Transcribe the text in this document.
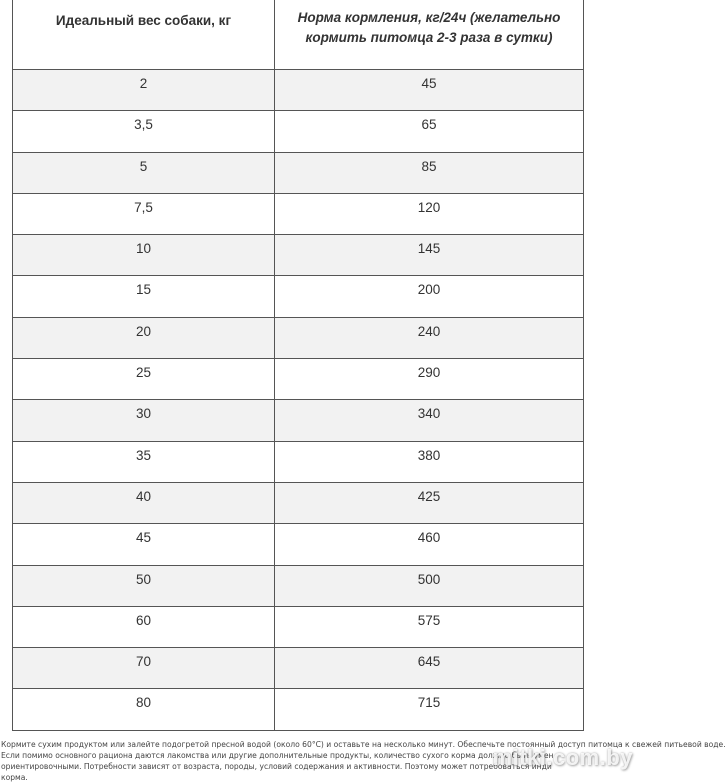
Идеальный вес собаки, кг	Норма кормления, кг/24ч (желательно кормить питомца 2-3 раза в сутки)
2	45
3,5	65
5	85
7,5	120
10	145
15	200
20	240
25	290
30	340
35	380
40	425
45	460
50	500
60	575
70	645
80	715

Кормите сухим продуктом или залейте подогретой пресной водой (около 60°С) и оставьте на несколько минут. Обеспечьте постоянный доступ питомца к свежей питьевой воде.

Если помимо основного рациона даются лакомства или другие дополнительные продукты, количество сухого корма должно быть умен

ориентировочными. Потребности зависят от возраста, породы, условий содержания и активности. Поэтому может потребоваться инди

корма.

mitki.com.by
